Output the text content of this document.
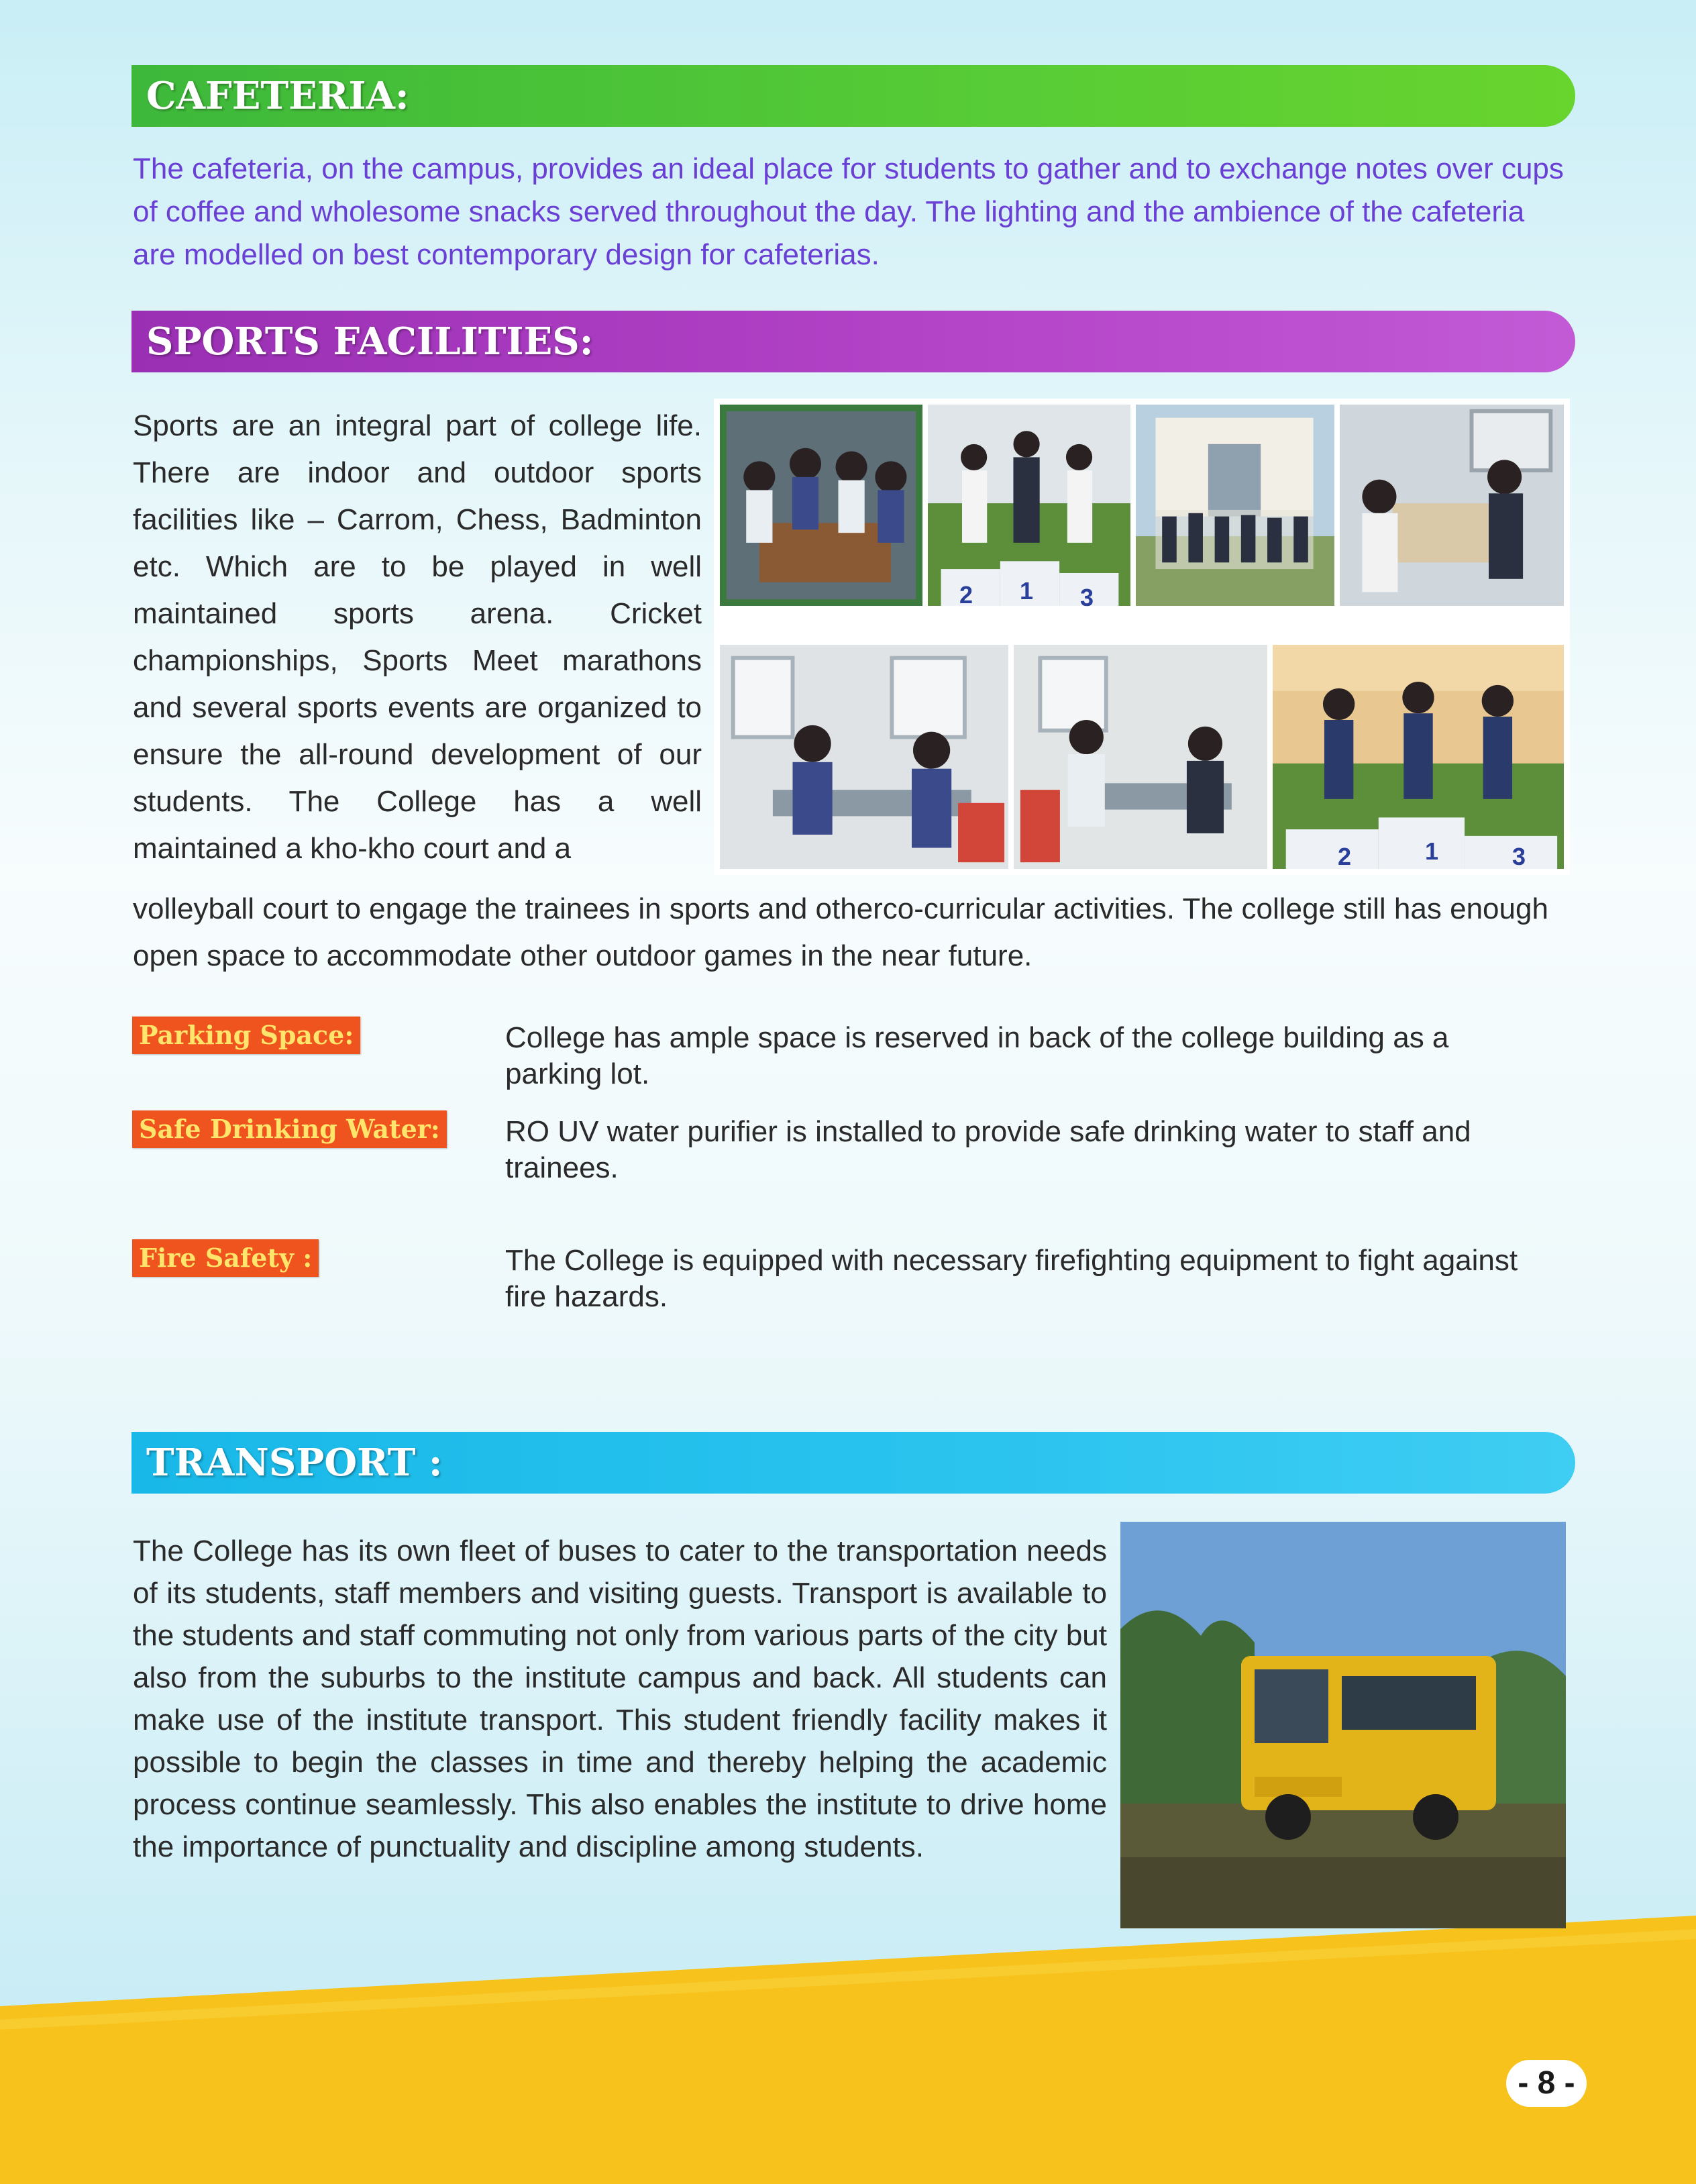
CAFETERIA:

The cafeteria, on the campus, provides an ideal place for students to gather and to exchange notes over cups of coffee and wholesome snacks served throughout the day. The lighting and the ambience of the cafeteria are modelled on best contemporary design for cafeterias.

SPORTS FACILITIES:

Sports are an integral part of college life. There are indoor and outdoor sports facilities like – Carrom, Chess, Badminton etc. Which are to be played in well maintained sports arena. Cricket championships, Sports Meet marathons and several sports events are organized to ensure the all-round development of our students. The College has a well maintained a kho-kho court and a

2 1 3
2	1	3

volleyball court to engage the trainees in sports and otherco-curricular activities. The college still has enough open space to accommodate other outdoor games in the near future.

Parking Space:	College has ample space is reserved in back of the college building as a parking lot.

Safe Drinking Water: RO UV water purifier is installed to provide safe drinking water to staff and trainees.

Fire Safety :	The College is equipped with necessary firefighting equipment to fight against fire hazards.

TRANSPORT :

The College has its own fleet of buses to cater to the transportation needs of its students, staff members and visiting guests. Transport is available to the students and staff commuting not only from various parts of the city but also from the suburbs to the institute campus and back. All students can make use of the institute transport. This student friendly facility makes it possible to begin the classes in time and thereby helping the academic process continue seamlessly. This also enables the institute to drive home the importance of punctuality and discipline among students.

- 8 -
